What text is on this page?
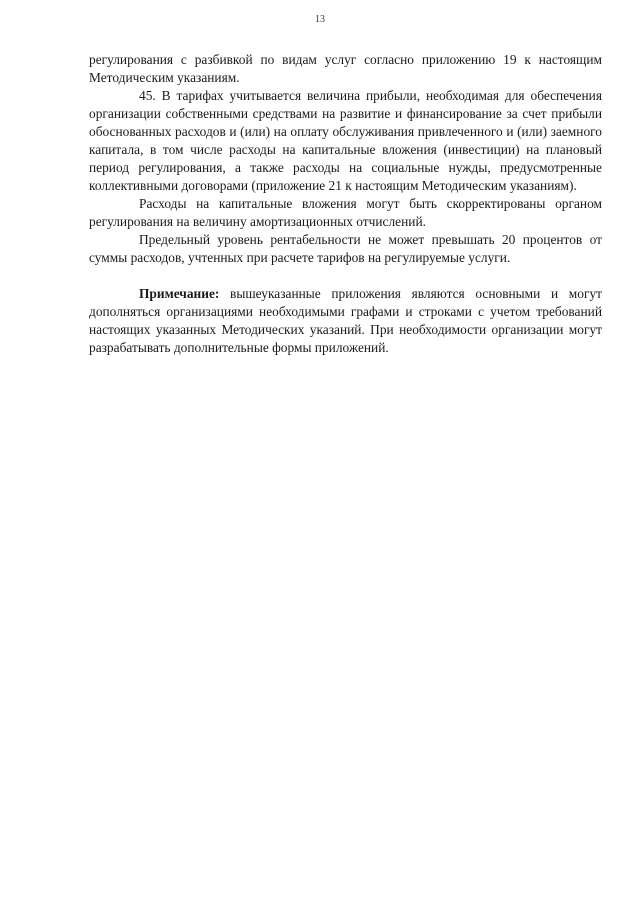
13

регулирования с разбивкой по видам услуг согласно приложению 19 к настоящим Методическим указаниям.

45. В тарифах учитывается величина прибыли, необходимая для обеспечения организации собственными средствами на развитие и финансирование за счет прибыли обоснованных расходов и (или) на оплату обслуживания привлеченного и (или) заемного капитала, в том числе расходы на капитальные вложения (инвестиции) на плановый период регулирования, а также расходы на социальные нужды, предусмотренные коллективными договорами (приложение 21 к настоящим Методическим указаниям).

Расходы на капитальные вложения могут быть скорректированы органом регулирования на величину амортизационных отчислений.

Предельный уровень рентабельности не может превышать 20 процентов от суммы расходов, учтенных при расчете тарифов на регулируемые услуги.

Примечание: вышеуказанные приложения являются основными и могут дополняться организациями необходимыми графами и строками с учетом требований настоящих указанных Методических указаний. При необходимости организации могут разрабатывать дополнительные формы приложений.
